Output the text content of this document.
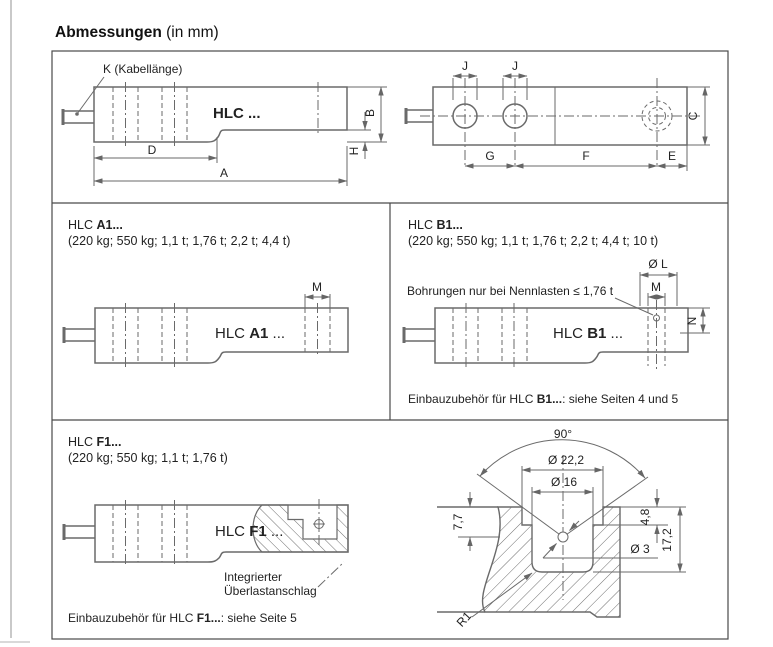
Abmessungen (in mm)
K (Kabellänge)
HLC ...
D
A
B
H
J	J
C
G	F	E
HLC A1...
(220 kg; 550 kg; 1,1 t; 1,76 t; 2,2 t; 4,4 t)
M
HLC A1 ...
HLC B1...
(220 kg; 550 kg; 1,1 t; 1,76 t; 2,2 t; 4,4 t; 10 t)
Bohrungen nur bei Nennlasten ≤ 1,76 t
Ø L
M
N
HLC B1 ...
Einbauzubehör für HLC B1...: siehe Seiten 4 und 5
HLC F1...
(220 kg; 550 kg; 1,1 t; 1,76 t)
HLC F1 ...
Integrierter
Überlastanschlag
Einbauzubehör für HLC F1...: siehe Seite 5
90°
Ø 22,2
Ø 16
7,7	4,8
17,2
Ø 3
R1
